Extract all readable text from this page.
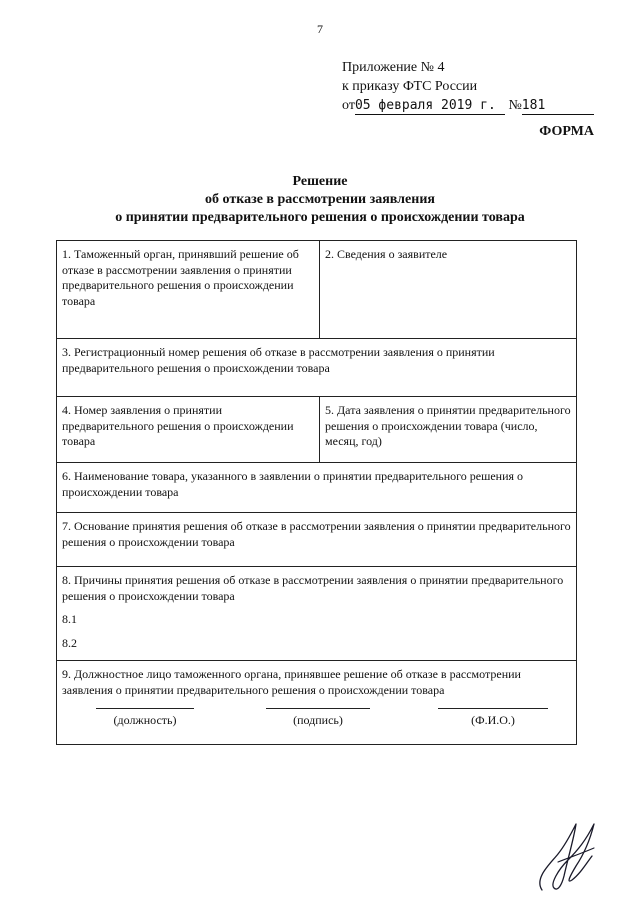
7
Приложение № 4
к приказу ФТС России
от05 февраля 2019 г. №181
ФОРМА
Решение
об отказе в рассмотрении заявления
о принятии предварительного решения о происхождении товара
1. Таможенный орган, принявший решение об отказе в рассмотрении заявления о принятии предварительного решения о происхождении товара
2. Сведения о заявителе
3. Регистрационный номер решения об отказе в рассмотрении заявления о принятии предварительного решения о происхождении товара
4. Номер заявления о принятии предварительного решения о происхождении товара
5. Дата заявления о принятии предварительного решения о происхождении товара (число, месяц, год)
6. Наименование товара, указанного в заявлении о принятии предварительного решения о происхождении товара
7. Основание принятия решения об отказе в рассмотрении заявления о принятии предварительного решения о происхождении товара
8. Причины принятия решения об отказе в рассмотрении заявления о принятии предварительного решения о происхождении товара
8.1
8.2
9. Должностное лицо таможенного органа, принявшее решение об отказе в рассмотрении заявления о принятии предварительного решения о происхождении товара
(должность)	(подпись)	(Ф.И.О.)
